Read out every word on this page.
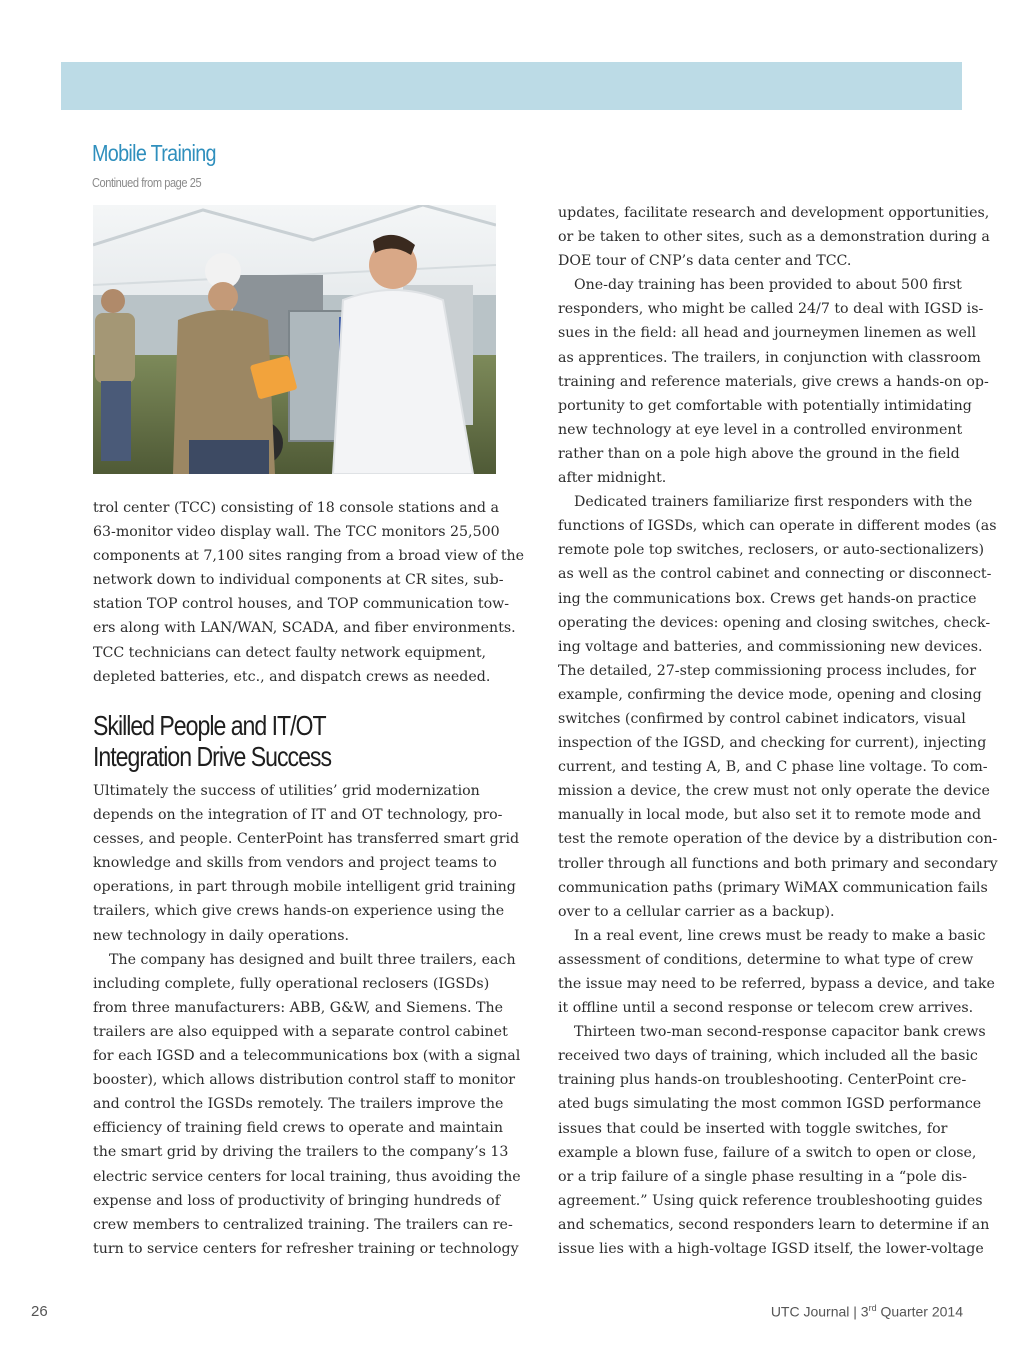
Mobile Training
Continued from page 25

trol center (TCC) consisting of 18 console stations and a
63-monitor video display wall. The TCC monitors 25,500
components at 7,100 sites ranging from a broad view of the
network down to individual components at CR sites, sub-
station TOP control houses, and TOP communication tow-
ers along with LAN/WAN, SCADA, and fiber environments.
TCC technicians can detect faulty network equipment,
depleted batteries, etc., and dispatch crews as needed.

Skilled People and IT/OT
Integration Drive Success

Ultimately the success of utilities’ grid modernization
depends on the integration of IT and OT technology, pro-
cesses, and people. CenterPoint has transferred smart grid
knowledge and skills from vendors and project teams to
operations, in part through mobile intelligent grid training
trailers, which give crews hands-on experience using the
new technology in daily operations.

The company has designed and built three trailers, each
including complete, fully operational reclosers (IGSDs)
from three manufacturers: ABB, G&W, and Siemens. The
trailers are also equipped with a separate control cabinet
for each IGSD and a telecommunications box (with a signal
booster), which allows distribution control staff to monitor
and control the IGSDs remotely. The trailers improve the
efficiency of training field crews to operate and maintain
the smart grid by driving the trailers to the company’s 13
electric service centers for local training, thus avoiding the
expense and loss of productivity of bringing hundreds of
crew members to centralized training. The trailers can re-
turn to service centers for refresher training or technology

updates, facilitate research and development opportunities,
or be taken to other sites, such as a demonstration during a
DOE tour of CNP’s data center and TCC.

One-day training has been provided to about 500 first
responders, who might be called 24/7 to deal with IGSD is-
sues in the field: all head and journeymen linemen as well
as apprentices. The trailers, in conjunction with classroom
training and reference materials, give crews a hands-on op-
portunity to get comfortable with potentially intimidating
new technology at eye level in a controlled environment
rather than on a pole high above the ground in the field
after midnight.

Dedicated trainers familiarize first responders with the
functions of IGSDs, which can operate in different modes (as
remote pole top switches, reclosers, or auto-sectionalizers)
as well as the control cabinet and connecting or disconnect-
ing the communications box. Crews get hands-on practice
operating the devices: opening and closing switches, check-
ing voltage and batteries, and commissioning new devices.
The detailed, 27-step commissioning process includes, for
example, confirming the device mode, opening and closing
switches (confirmed by control cabinet indicators, visual
inspection of the IGSD, and checking for current), injecting
current, and testing A, B, and C phase line voltage. To com-
mission a device, the crew must not only operate the device
manually in local mode, but also set it to remote mode and
test the remote operation of the device by a distribution con-
troller through all functions and both primary and secondary
communication paths (primary WiMAX communication fails
over to a cellular carrier as a backup).

In a real event, line crews must be ready to make a basic
assessment of conditions, determine to what type of crew
the issue may need to be referred, bypass a device, and take
it offline until a second response or telecom crew arrives.

Thirteen two-man second-response capacitor bank crews
received two days of training, which included all the basic
training plus hands-on troubleshooting. CenterPoint cre-
ated bugs simulating the most common IGSD performance
issues that could be inserted with toggle switches, for
example a blown fuse, failure of a switch to open or close,
or a trip failure of a single phase resulting in a “pole dis-
agreement.” Using quick reference troubleshooting guides
and schematics, second responders learn to determine if an
issue lies with a high-voltage IGSD itself, the lower-voltage

26	UTC Journal | 3rd Quarter 2014
